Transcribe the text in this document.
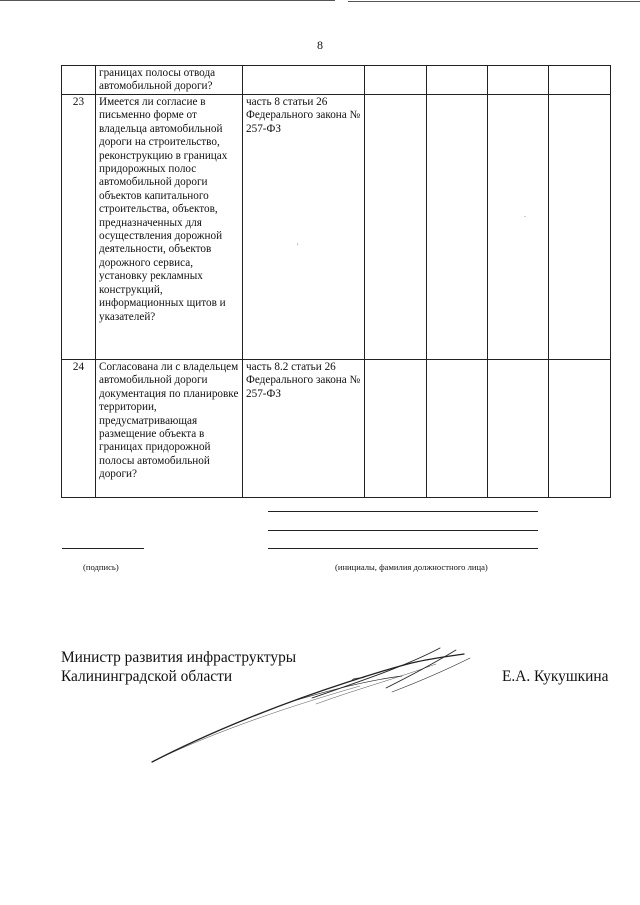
8
	границах полосы отвода автомобильной дороги?					
23	Имеется ли согласие в письменно форме от владельца автомобильной дороги на строительство, реконструкцию в границах придорожных полос автомобильной дороги объектов капитального строительства, объектов, предназначенных для осуществления дорожной деятельности, объектов дорожного сервиса, установку рекламных конструкций, информационных щитов и указателей?	часть 8 статьи 26 Федерального закона № 257-ФЗ				
24	Согласована ли с владельцем автомобильной дороги документация по планировке территории, предусматривающая размещение объекта в границах придорожной полосы автомобильной дороги?	часть 8.2 статьи 26 Федерального закона № 257-ФЗ				
'
.
(подпись)	(инициалы, фамилия должностного лица)
Министр развития инфраструктуры
Калининградской области	Е.А. Кукушкина
